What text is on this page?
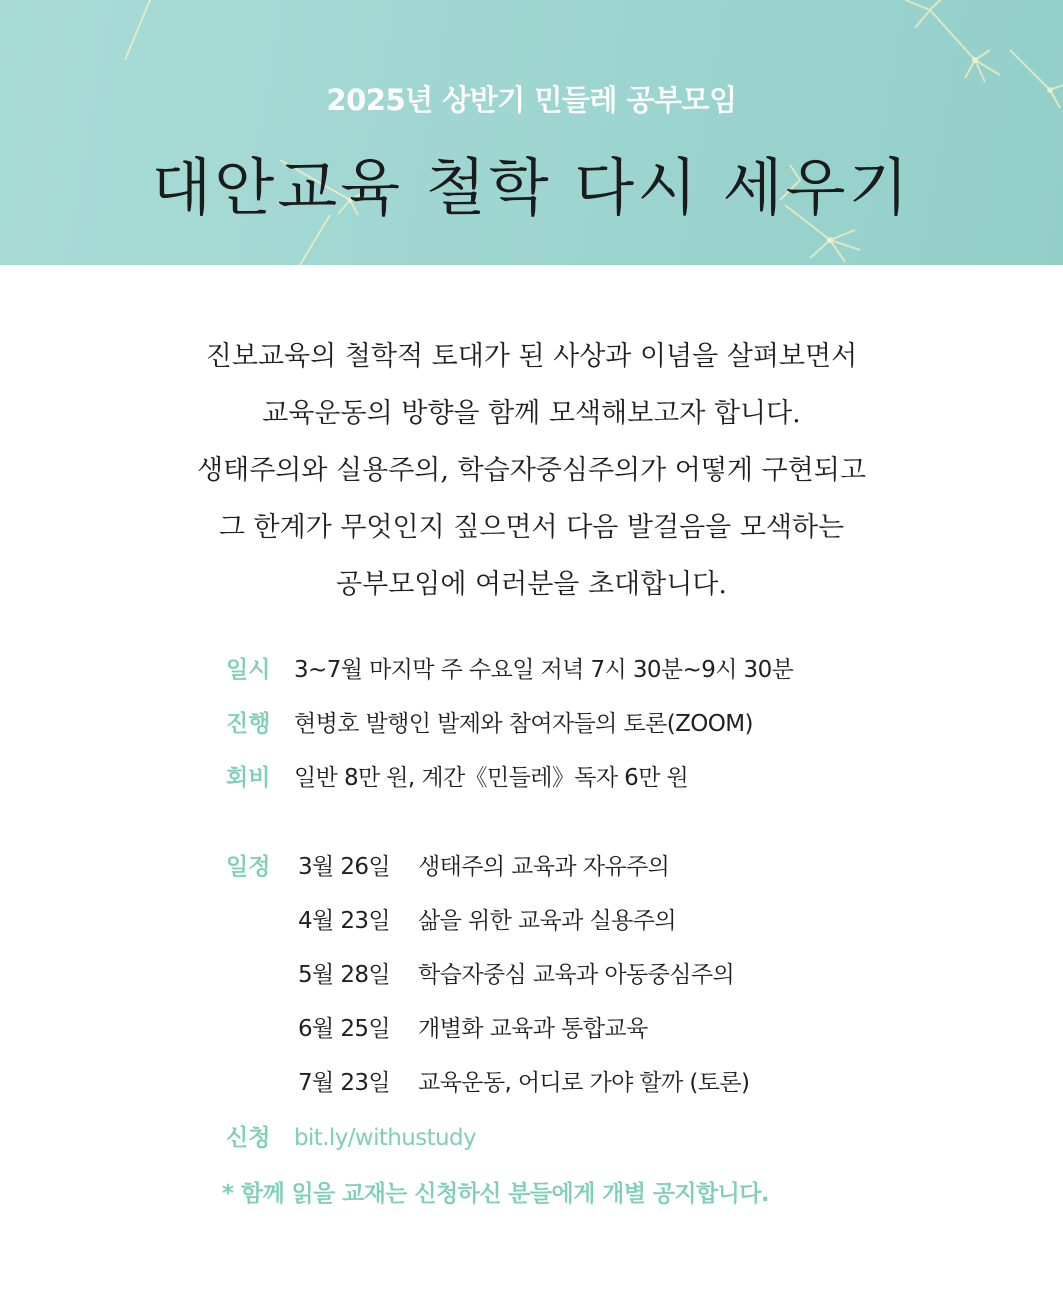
2025년 상반기 민들레 공부모임
대안교육 철학 다시 세우기
진보교육의 철학적 토대가 된 사상과 이념을 살펴보면서
교육운동의 방향을 함께 모색해보고자 합니다.
생태주의와 실용주의, 학습자중심주의가 어떻게 구현되고
그 한계가 무엇인지 짚으면서 다음 발걸음을 모색하는
공부모임에 여러분을 초대합니다.
일시 3~7월 마지막 주 수요일 저녁 7시 30분~9시 30분
진행 현병호 발행인 발제와 참여자들의 토론(ZOOM)
회비 일반 8만 원, 계간《민들레》독자 6만 원
일정 3월 26일 생태주의 교육과 자유주의
4월 23일 삶을 위한 교육과 실용주의
5월 28일 학습자중심 교육과 아동중심주의
6월 25일 개별화 교육과 통합교육
7월 23일 교육운동, 어디로 가야 할까 (토론)
신청 bit.ly/withustudy
* 함께 읽을 교재는 신청하신 분들에게 개별 공지합니다.
